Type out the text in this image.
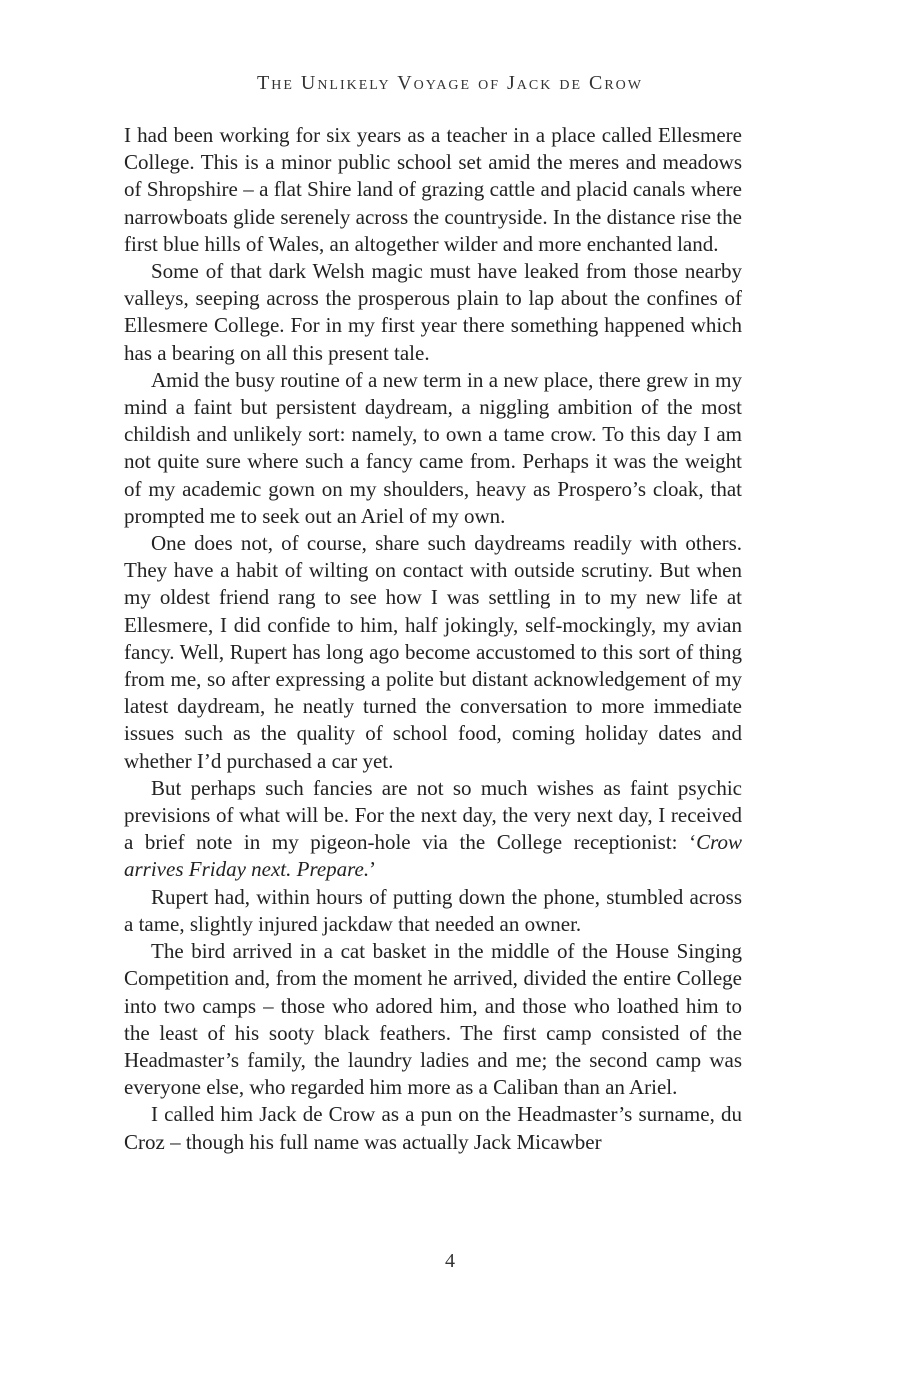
The Unlikely Voyage of Jack de Crow

I had been working for six years as a teacher in a place called Ellesmere College. This is a minor public school set amid the meres and meadows of Shropshire – a flat Shire land of grazing cattle and placid canals where narrowboats glide serenely across the countryside. In the distance rise the first blue hills of Wales, an altogether wilder and more enchanted land.

Some of that dark Welsh magic must have leaked from those nearby valleys, seeping across the prosperous plain to lap about the confines of Ellesmere College. For in my first year there something happened which has a bearing on all this present tale.

Amid the busy routine of a new term in a new place, there grew in my mind a faint but persistent daydream, a niggling ambition of the most childish and unlikely sort: namely, to own a tame crow. To this day I am not quite sure where such a fancy came from. Perhaps it was the weight of my academic gown on my shoulders, heavy as Prospero’s cloak, that prompted me to seek out an Ariel of my own.

One does not, of course, share such daydreams readily with others. They have a habit of wilting on contact with outside scrutiny. But when my oldest friend rang to see how I was settling in to my new life at Ellesmere, I did confide to him, half jokingly, self-mockingly, my avian fancy. Well, Rupert has long ago become accustomed to this sort of thing from me, so after expressing a polite but distant acknowledgement of my latest daydream, he neatly turned the conversation to more immediate issues such as the quality of school food, coming holiday dates and whether I’d purchased a car yet.

But perhaps such fancies are not so much wishes as faint psychic previsions of what will be. For the next day, the very next day, I received a brief note in my pigeon-hole via the College receptionist: ‘Crow arrives Friday next. Prepare.’

Rupert had, within hours of putting down the phone, stumbled across a tame, slightly injured jackdaw that needed an owner.

The bird arrived in a cat basket in the middle of the House Singing Competition and, from the moment he arrived, divided the entire College into two camps – those who adored him, and those who loathed him to the least of his sooty black feathers. The first camp consisted of the Headmaster’s family, the laundry ladies and me; the second camp was everyone else, who regarded him more as a Caliban than an Ariel.

I called him Jack de Crow as a pun on the Headmaster’s surname, du Croz – though his full name was actually Jack Micawber

4
